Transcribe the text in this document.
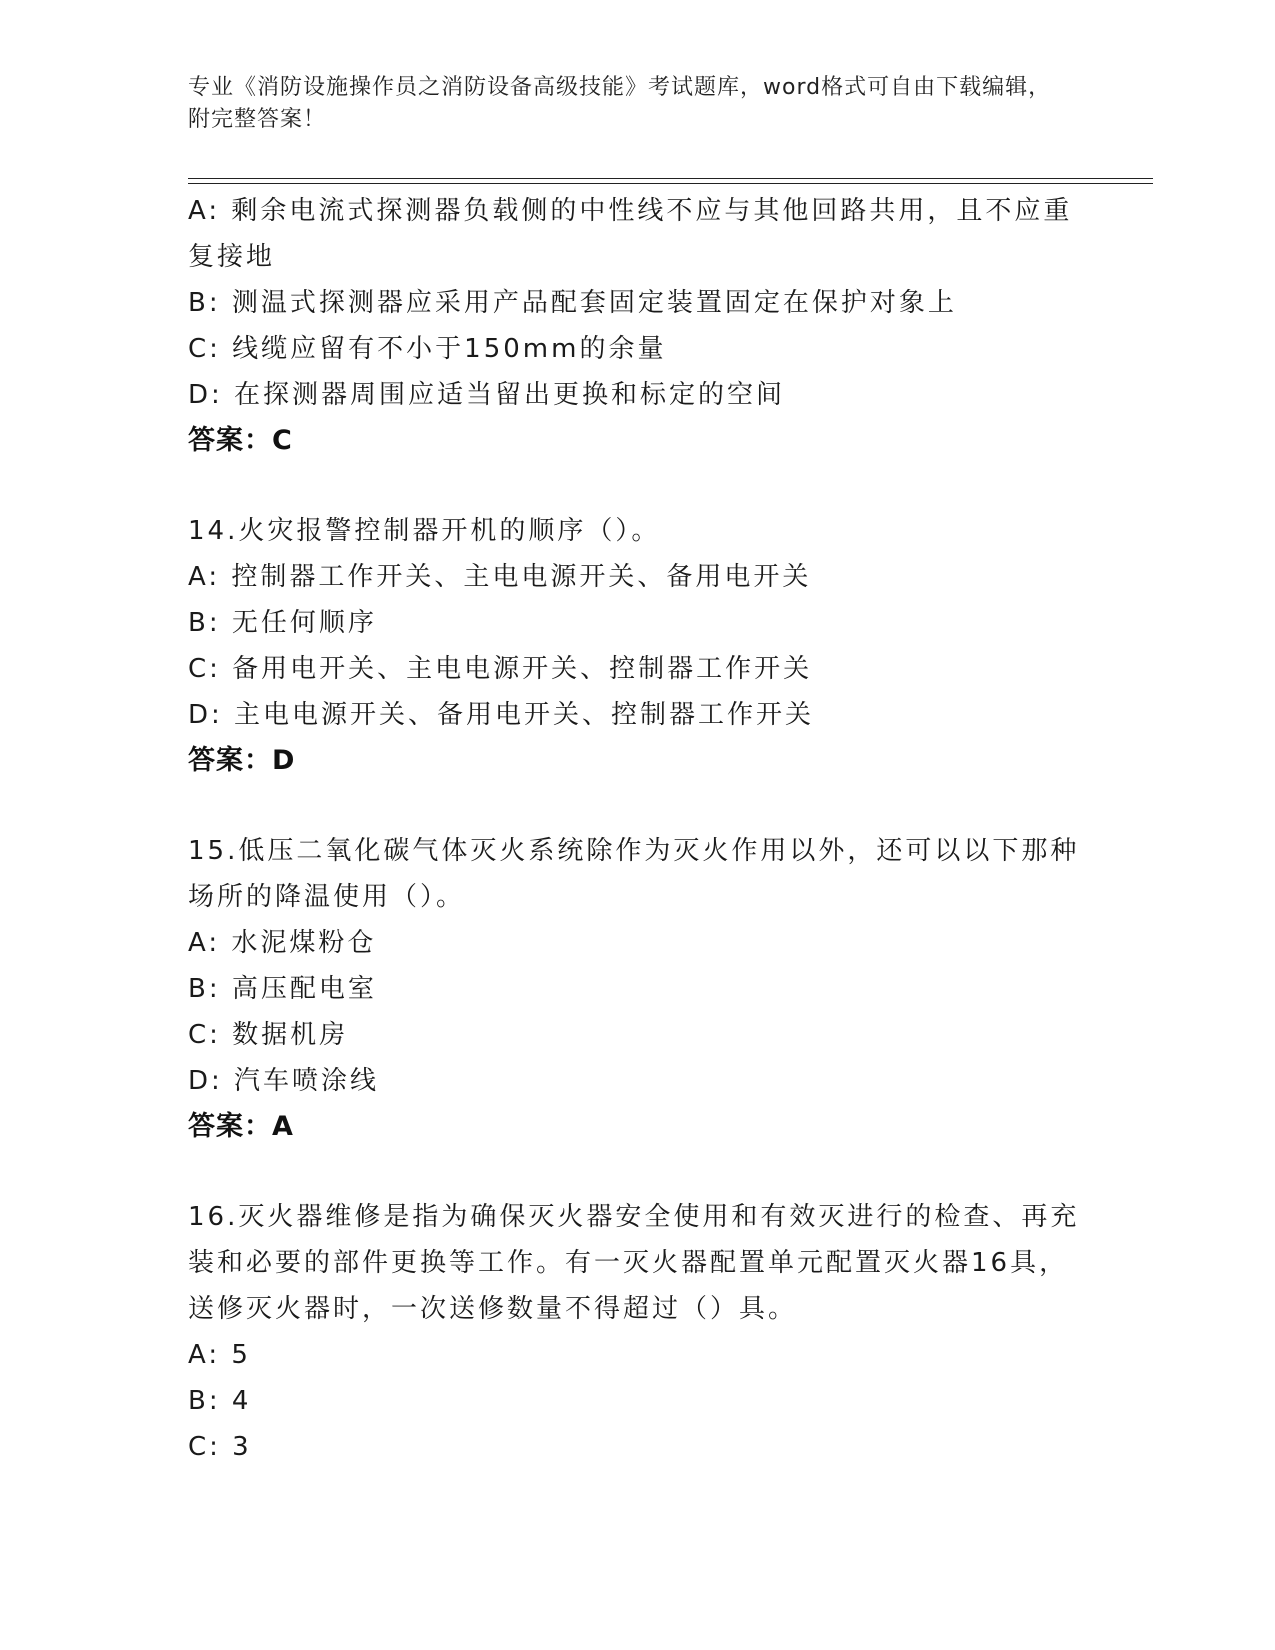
专业《消防设施操作员之消防设备高级技能》考试题库，word格式可自由下载编辑，附完整答案！
A: 剩余电流式探测器负载侧的中性线不应与其他回路共用，且不应重复接地
B: 测温式探测器应采用产品配套固定装置固定在保护对象上
C: 线缆应留有不小于150mm的余量
D: 在探测器周围应适当留出更换和标定的空间
答案：C
14.火灾报警控制器开机的顺序（）。
A: 控制器工作开关、主电电源开关、备用电开关
B: 无任何顺序
C: 备用电开关、主电电源开关、控制器工作开关
D: 主电电源开关、备用电开关、控制器工作开关
答案：D
15.低压二氧化碳气体灭火系统除作为灭火作用以外，还可以以下那种场所的降温使用（）。
A: 水泥煤粉仓
B: 高压配电室
C: 数据机房
D: 汽车喷涂线
答案：A
16.灭火器维修是指为确保灭火器安全使用和有效灭进行的检查、再充装和必要的部件更换等工作。有一灭火器配置单元配置灭火器16具，送修灭火器时，一次送修数量不得超过（）具。
A: 5
B: 4
C: 3
